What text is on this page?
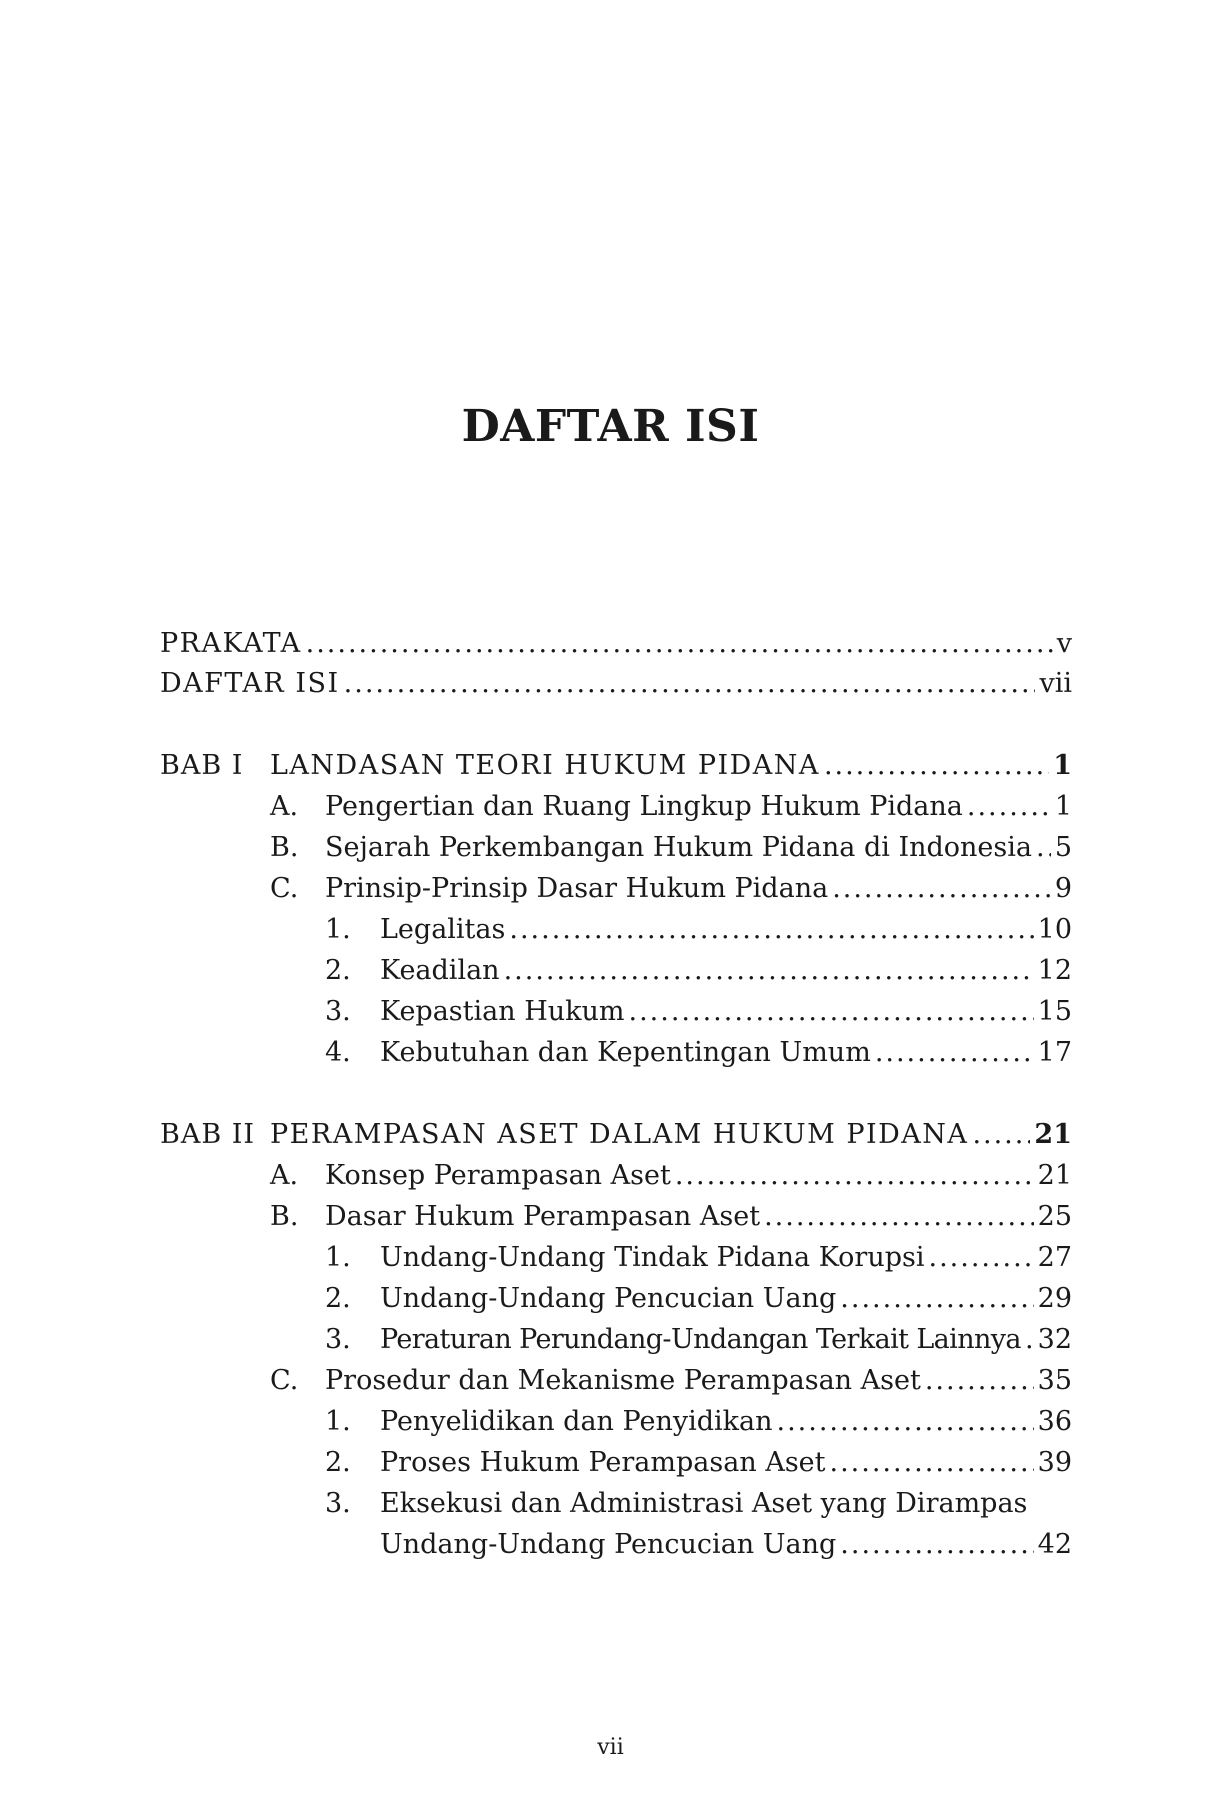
DAFTAR ISI
PRAKATA .....	v
DAFTAR ISI .....	vii
BAB I LANDASAN TEORI HUKUM PIDANA .....	1
A. Pengertian dan Ruang Lingkup Hukum Pidana .....	1
B. Sejarah Perkembangan Hukum Pidana di Indonesia ..... 5
C. Prinsip-Prinsip Dasar Hukum Pidana .....	9
1.	Legalitas .....	10
2.	Keadilan .....	12
3.	Kepastian Hukum .....	15
4.	Kebutuhan dan Kepentingan Umum .....	17
BAB II PERAMPASAN ASET DALAM HUKUM PIDANA ..... 21
A. Konsep Perampasan Aset .....	21
B. Dasar Hukum Perampasan Aset .....	25
1.	Undang-Undang Tindak Pidana Korupsi .....	27
2.	Undang-Undang Pencucian Uang .....	29
3.	Peraturan Perundang-Undangan Terkait Lainnya ..... 32
C. Prosedur dan Mekanisme Perampasan Aset .....	35
1.	Penyelidikan dan Penyidikan .....	36
2.	Proses Hukum Perampasan Aset .....	39
3.	Eksekusi dan Administrasi Aset yang Dirampas
Undang-Undang Pencucian Uang .....	42
vii
